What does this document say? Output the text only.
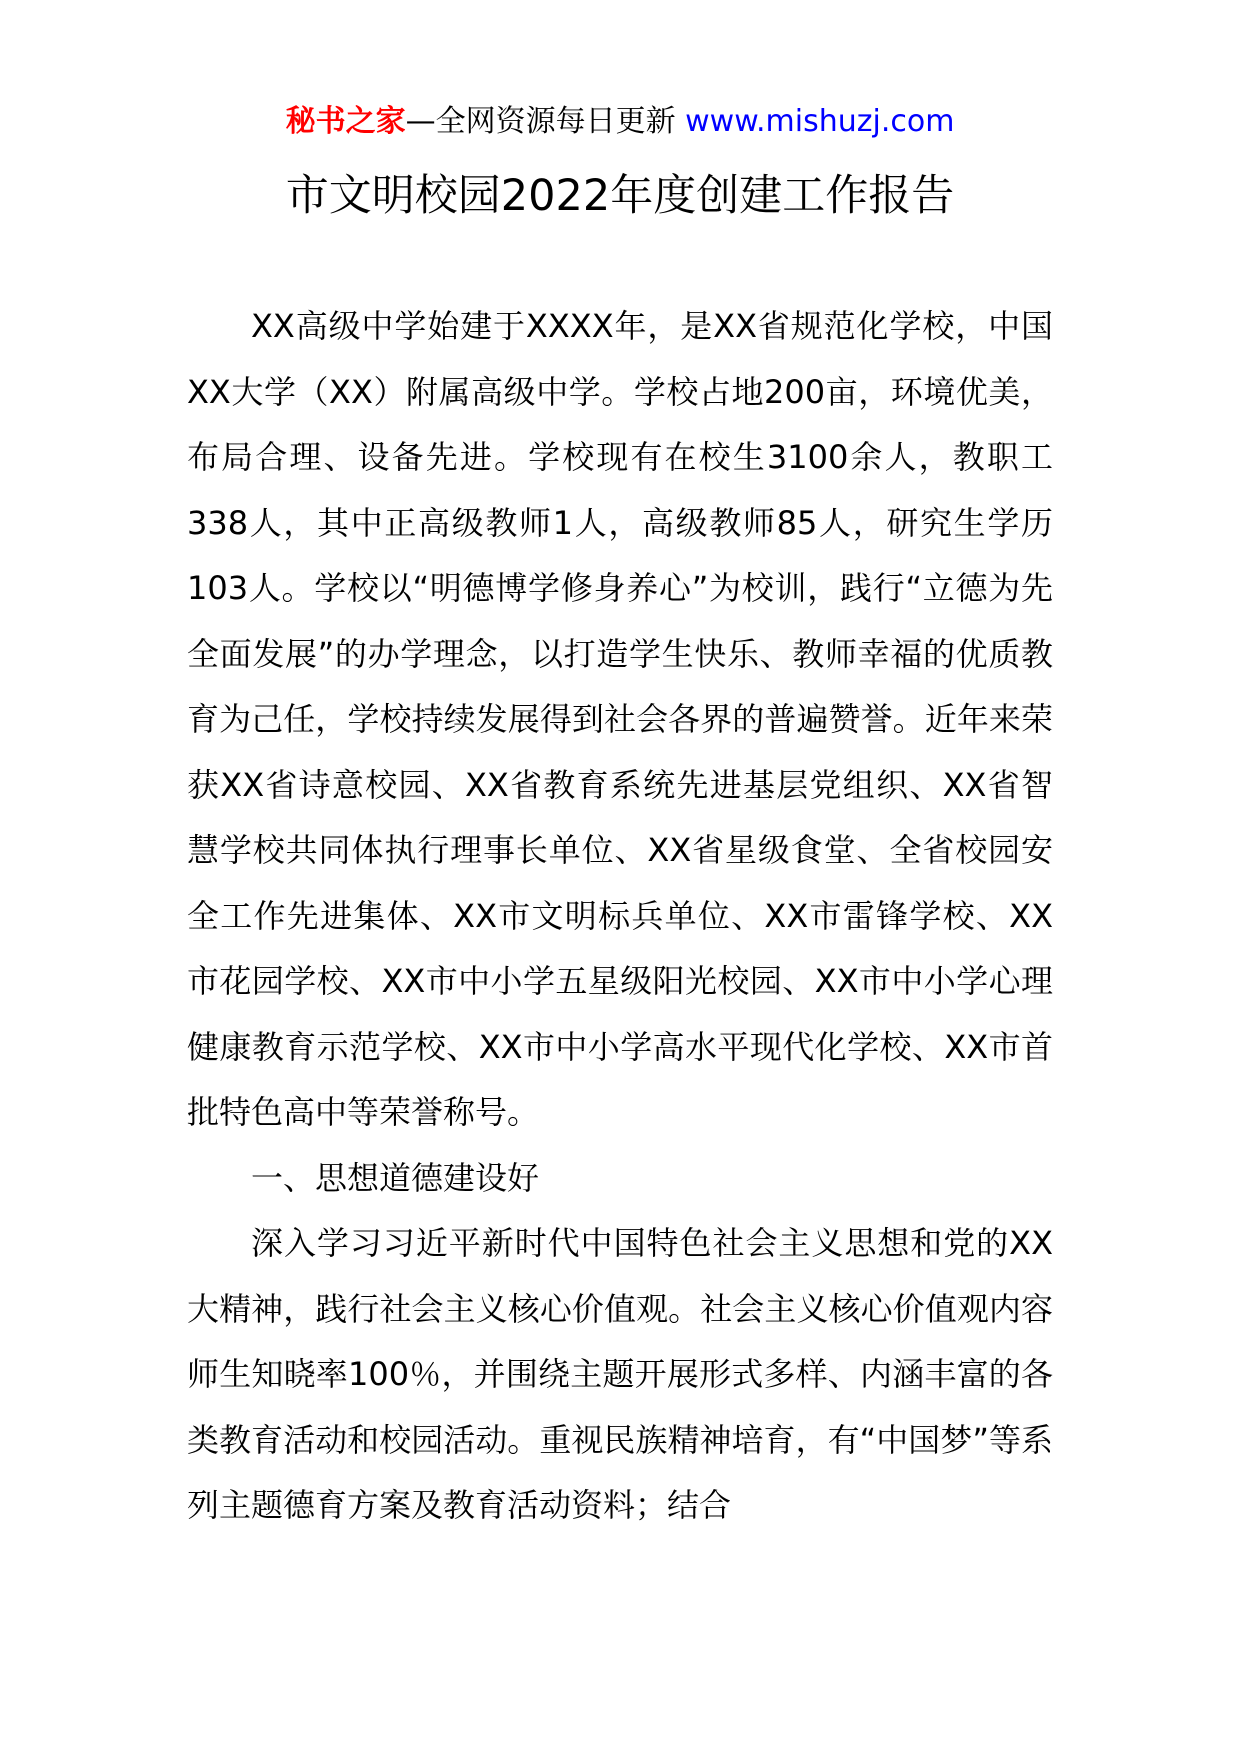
秘书之家—全网资源每日更新 www.mishuzj.com
市文明校园2022年度创建工作报告

XX高级中学始建于XXXX年，是XX省规范化学校，中国XX大学（XX）附属高级中学。学校占地200亩，环境优美，布局合理、设备先进。学校现有在校生3100余人，教职工338人，其中正高级教师1人，高级教师85人，研究生学历103人。学校以“明德博学修身养心”为校训，践行“立德为先全面发展”的办学理念，以打造学生快乐、教师幸福的优质教育为己任，学校持续发展得到社会各界的普遍赞誉。近年来荣获XX省诗意校园、XX省教育系统先进基层党组织、XX省智慧学校共同体执行理事长单位、XX省星级食堂、全省校园安全工作先进集体、XX市文明标兵单位、XX市雷锋学校、XX市花园学校、XX市中小学五星级阳光校园、XX市中小学心理健康教育示范学校、XX市中小学高水平现代化学校、XX市首批特色高中等荣誉称号。

一、思想道德建设好

深入学习习近平新时代中国特色社会主义思想和党的XX大精神，践行社会主义核心价值观。社会主义核心价值观内容师生知晓率100％，并围绕主题开展形式多样、内涵丰富的各类教育活动和校园活动。重视民族精神培育，有“中国梦”等系列主题德育方案及教育活动资料；结合
